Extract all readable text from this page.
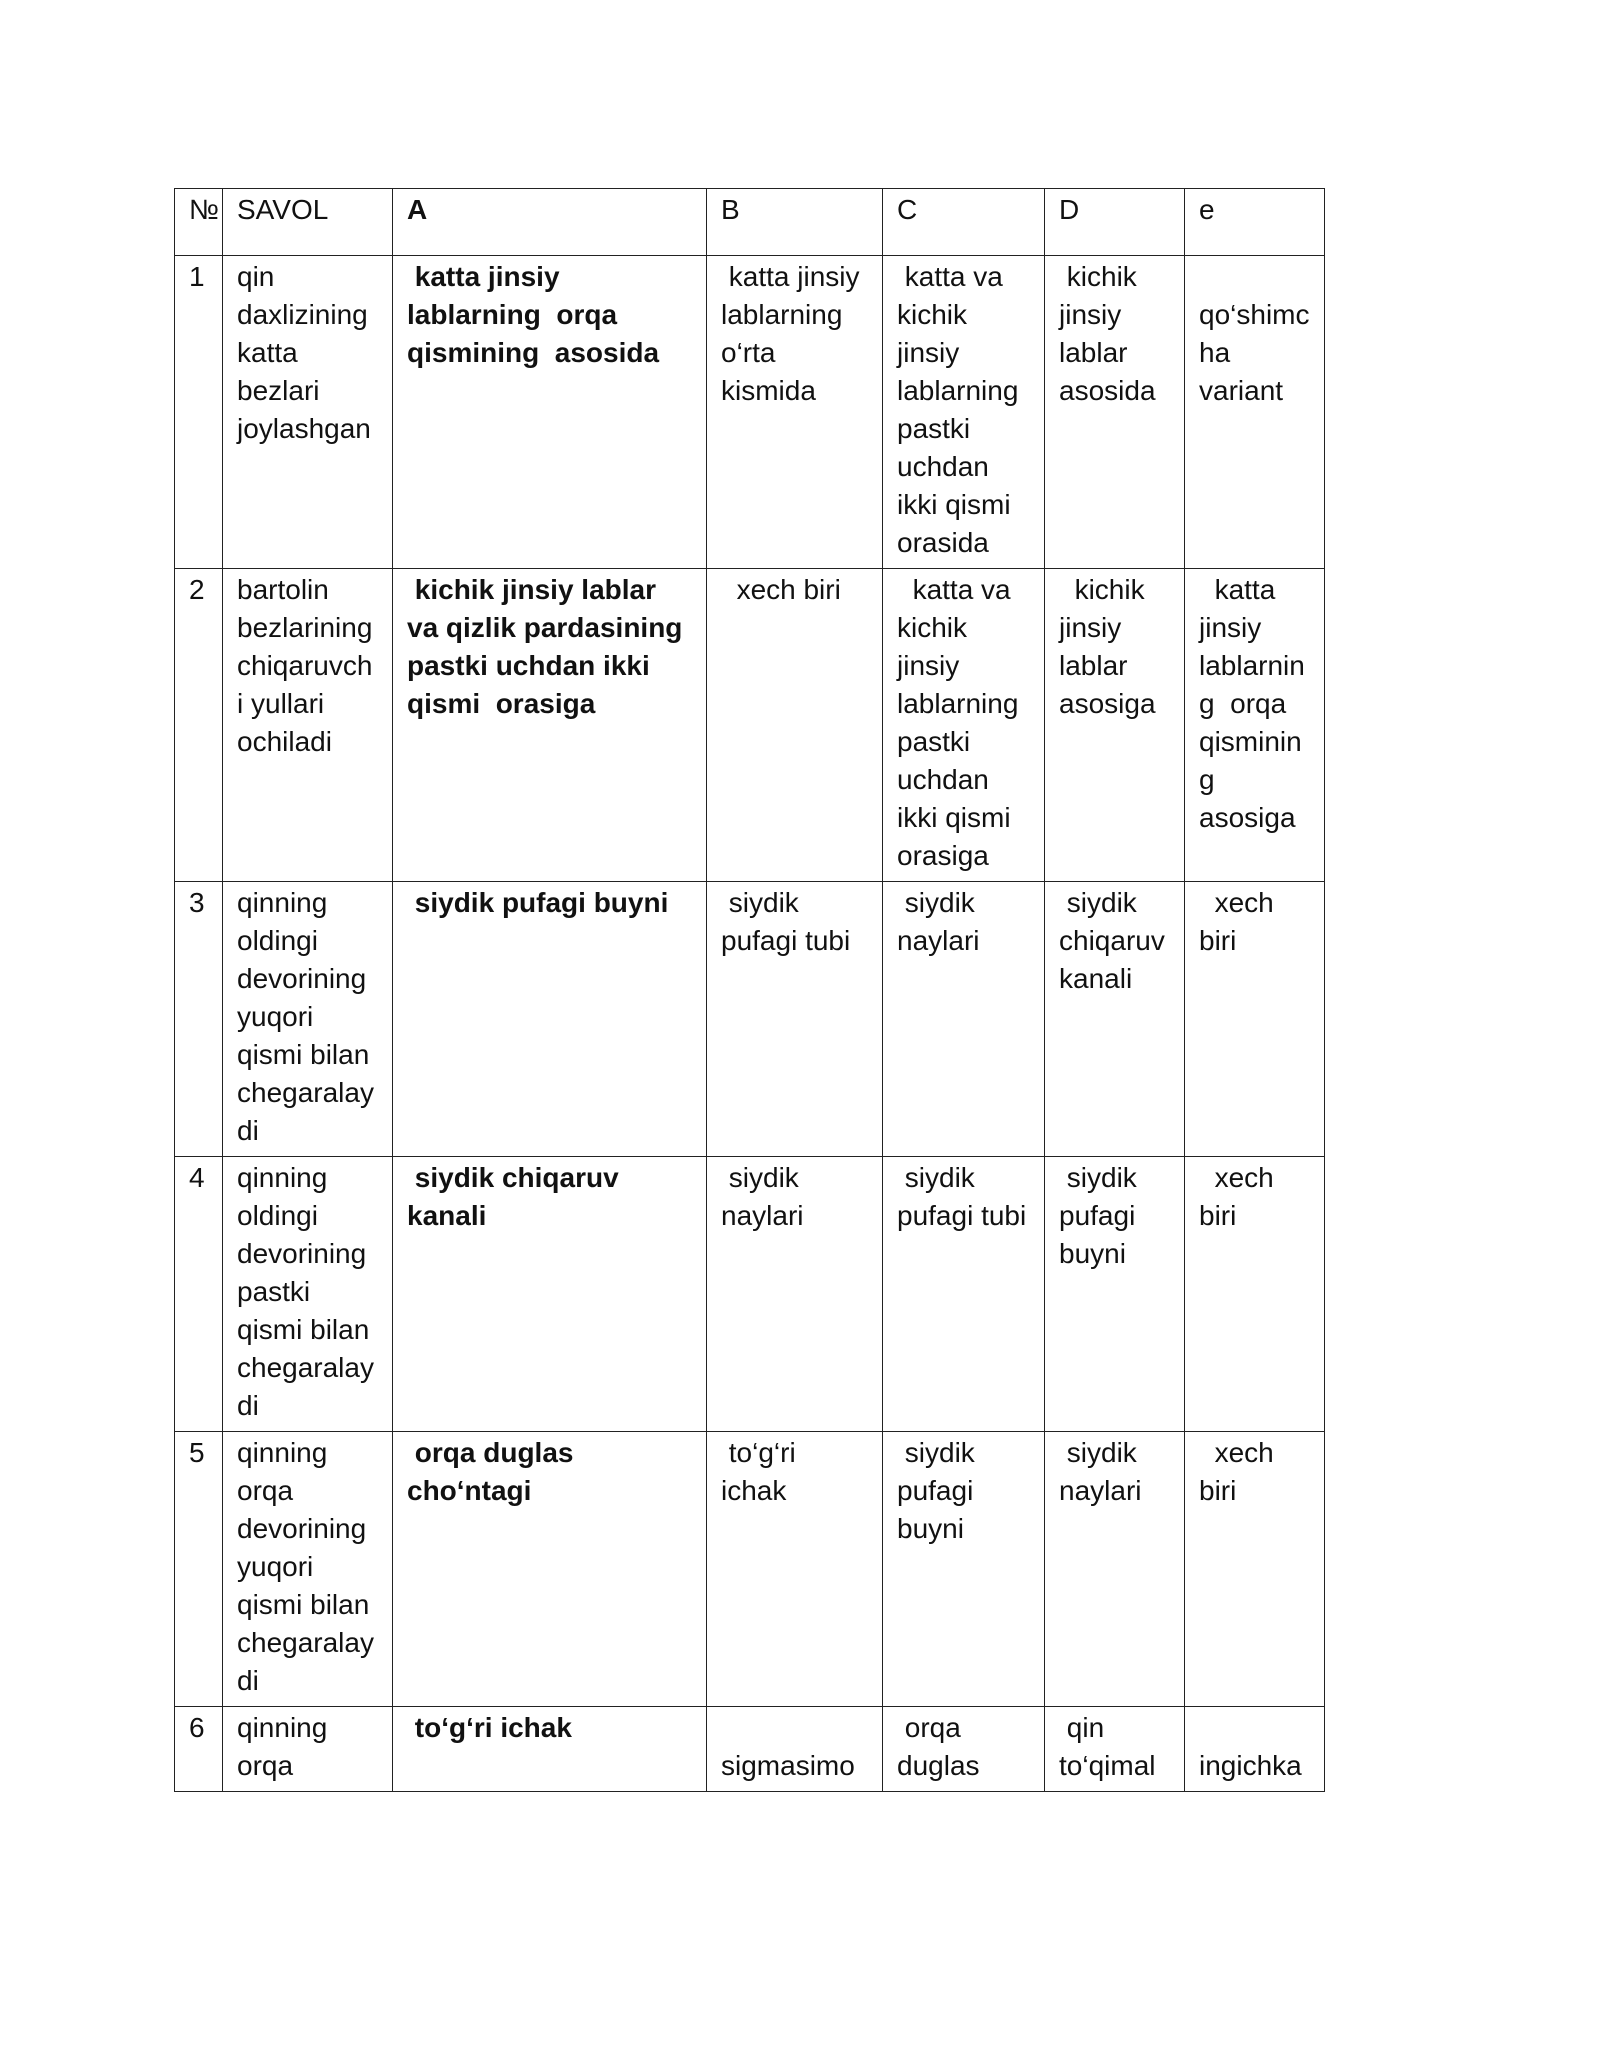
№	SAVOL	A	B	C	D	e
1	qin daxlizining katta bezlari joylashgan	katta jinsiy lablarning  orqa qismining  asosida	katta jinsiy lablarning o‘rta kismida	katta va kichik jinsiy lablarning pastki uchdan ikki qismi orasida	kichik jinsiy lablar asosida	qo‘shimcha variant
2	bartolin bezlarining chiqaruvchi yullari ochiladi	kichik jinsiy lablar va qizlik pardasining pastki uchdan ikki qismi  orasiga	xech biri	katta va kichik jinsiy lablarning pastki uchdan ikki qismi orasiga	kichik jinsiy lablar asosiga	katta jinsiy lablarning  orqa qismining asosiga
3	qinning oldingi devorining yuqori qismi bilan chegaralaydi	siydik pufagi buyni	siydik pufagi tubi	siydik naylari	siydik chiqaruv kanali	xech biri
4	qinning oldingi devorining pastki qismi bilan chegaralaydi	siydik chiqaruv kanali	siydik naylari	siydik pufagi tubi	siydik pufagi buyni	xech biri
5	qinning orqa devorining yuqori qismi bilan chegaralaydi	orqa duglas cho‘ntagi	to‘g‘ri ichak	siydik pufagi buyni	siydik naylari	xech biri
6	qinning orqa	to‘g‘ri ichak	sigmasimo	orqa duglas	qin to‘qimal	ingichka
